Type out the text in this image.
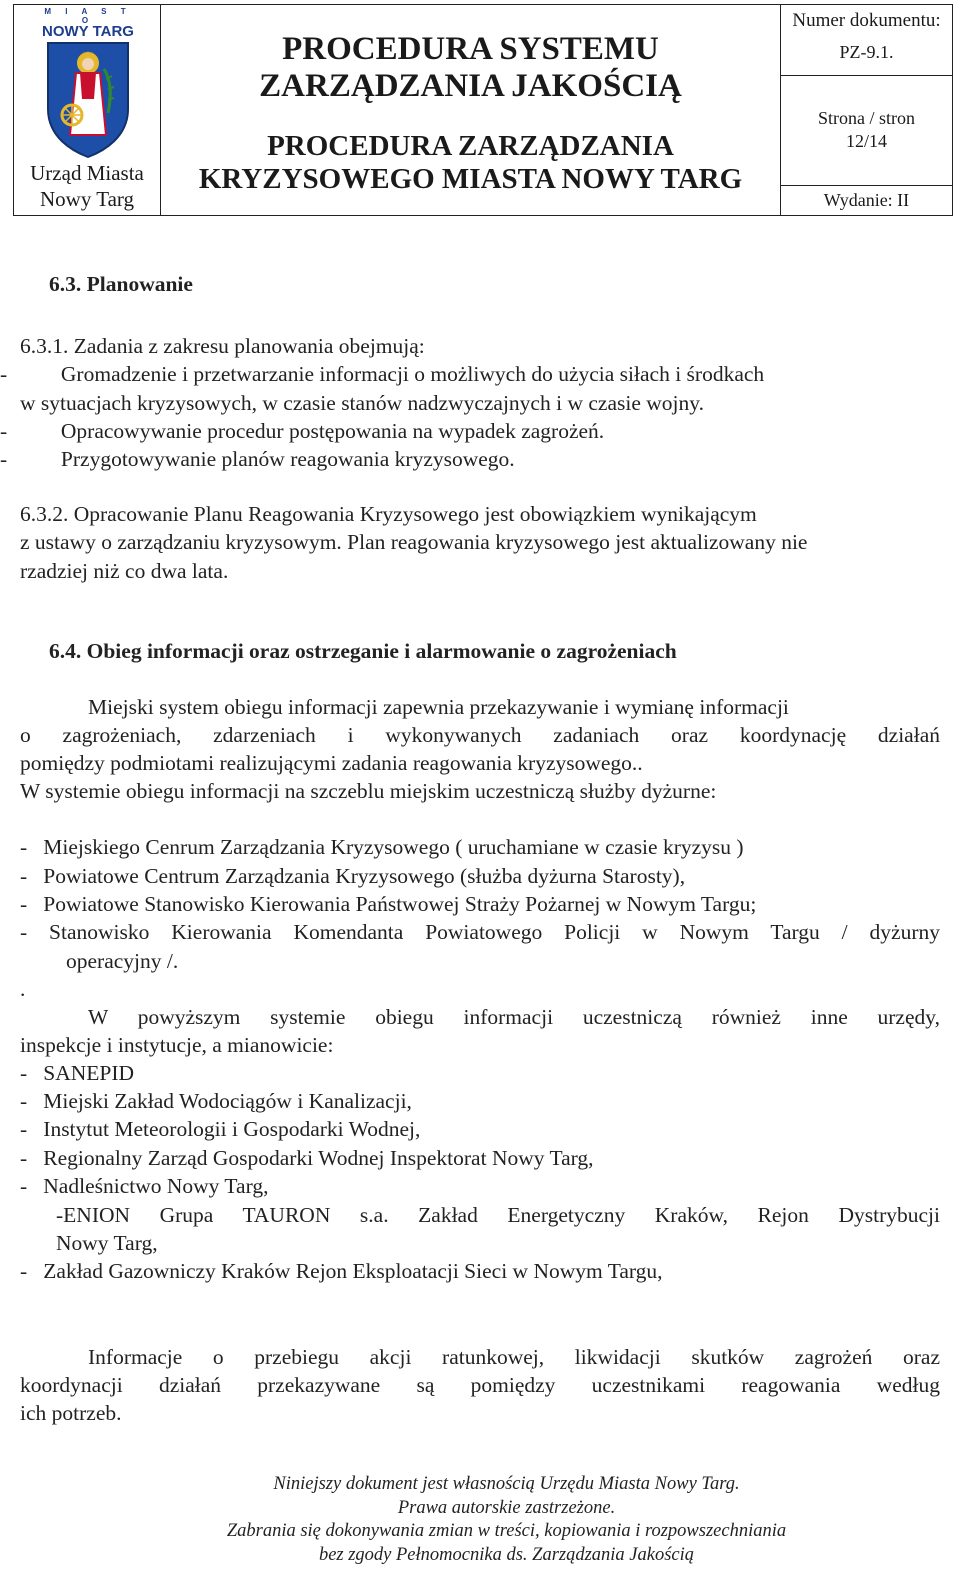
M I A S T O
NOWY TARG
Urząd Miasta
Nowy Targ
PROCEDURA SYSTEMU
ZARZĄDZANIA JAKOŚCIĄ
PROCEDURA ZARZĄDZANIA
KRYZYSOWEGO MIASTA NOWY TARG
Numer dokumentu:
PZ-9.1.
Strona / stron
12/14
Wydanie: II
6.3. Planowanie
6.3.1. Zadania z zakresu planowania obejmują:
-          Gromadzenie i przetwarzanie informacji o możliwych do użycia siłach i środkach
w sytuacjach kryzysowych, w czasie stanów nadzwyczajnych i w czasie wojny.
-          Opracowywanie procedur postępowania na wypadek zagrożeń.
-          Przygotowywanie planów reagowania kryzysowego.
6.3.2. Opracowanie Planu Reagowania Kryzysowego jest obowiązkiem wynikającym
z ustawy o zarządzaniu kryzysowym. Plan reagowania kryzysowego jest aktualizowany nie
rzadziej niż co dwa lata.
6.4. Obieg informacji oraz ostrzeganie i alarmowanie o zagrożeniach
Miejski system obiegu informacji zapewnia przekazywanie i wymianę informacji
o zagrożeniach, zdarzeniach i wykonywanych zadaniach oraz koordynację działań
pomiędzy podmiotami realizującymi zadania reagowania kryzysowego..
W systemie obiegu informacji na szczeblu miejskim uczestniczą służby dyżurne:
-   Miejskiego Cenrum Zarządzania Kryzysowego ( uruchamiane w czasie kryzysu )
-   Powiatowe Centrum Zarządzania Kryzysowego (służba dyżurna Starosty),
-   Powiatowe Stanowisko Kierowania Państwowej Straży Pożarnej w Nowym Targu;
- Stanowisko Kierowania Komendanta Powiatowego Policji w Nowym Targu / dyżurny
operacyjny /.
.
W powyższym systemie obiegu informacji uczestniczą również inne urzędy,
inspekcje i instytucje, a mianowicie:
-   SANEPID
-   Miejski Zakład Wodociągów i Kanalizacji,
-   Instytut Meteorologii i Gospodarki Wodnej,
-   Regionalny Zarząd Gospodarki Wodnej Inspektorat Nowy Targ,
-   Nadleśnictwo Nowy Targ,
-ENION Grupa TAURON s.a. Zakład Energetyczny Kraków, Rejon Dystrybucji
Nowy Targ,
-   Zakład Gazowniczy Kraków Rejon Eksploatacji Sieci w Nowym Targu,
Informacje o przebiegu akcji ratunkowej, likwidacji skutków zagrożeń oraz
koordynacji działań przekazywane są pomiędzy uczestnikami reagowania według
ich potrzeb.
Niniejszy dokument jest własnością Urzędu Miasta Nowy Targ.
Prawa autorskie zastrzeżone.
Zabrania się dokonywania zmian w treści, kopiowania i rozpowszechniania
bez zgody Pełnomocnika ds. Zarządzania Jakością
